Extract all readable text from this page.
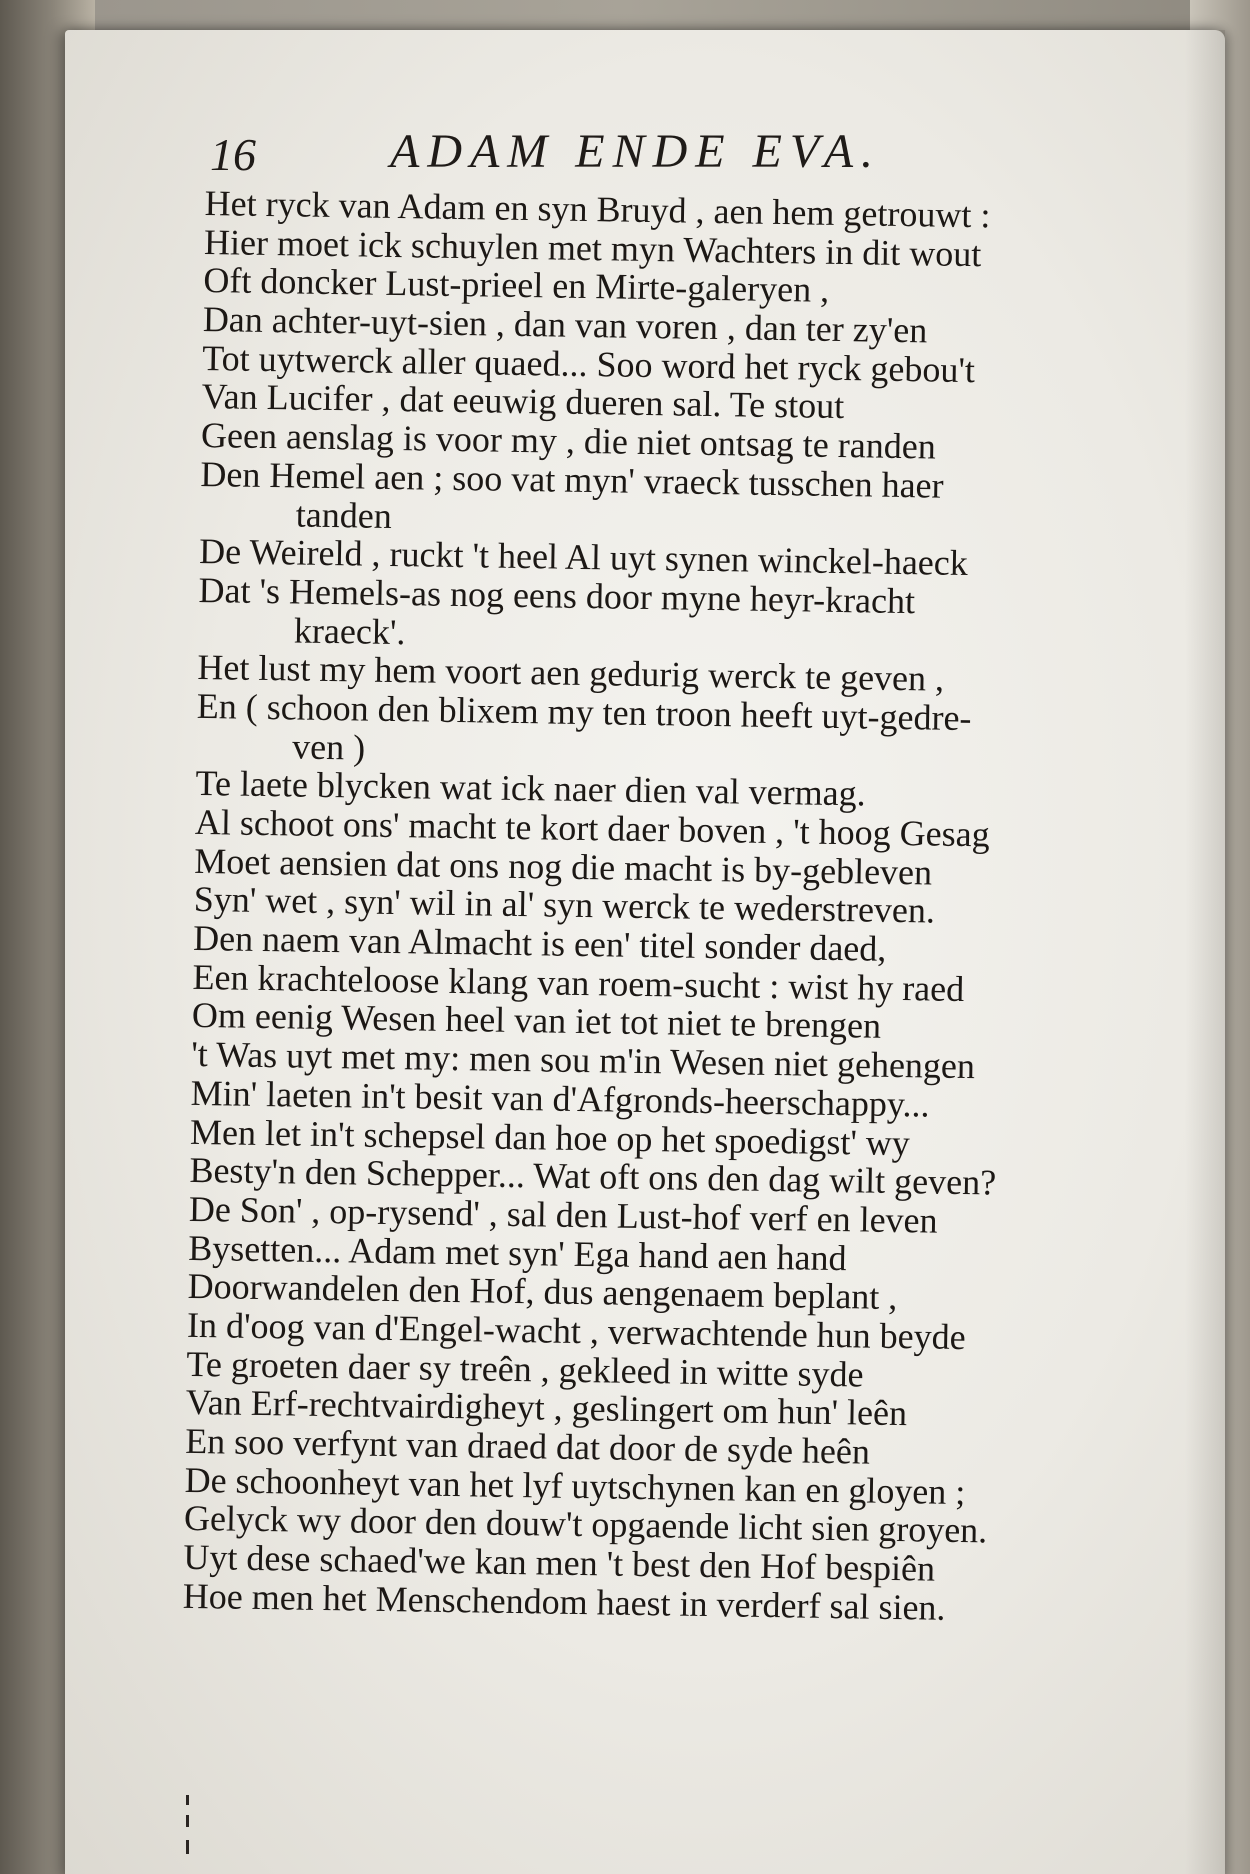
16	ADAM ENDE EVA.
Het ryck van Adam en syn Bruyd , aen hem getrouwt :
Hier moet ick schuylen met myn Wachters in dit wout
Oft doncker Lust-prieel en Mirte-galeryen ,
Dan achter-uyt-sien , dan van voren , dan ter zy'en
Tot uytwerck aller quaed... Soo word het ryck gebou't
Van Lucifer , dat eeuwig dueren sal. Te stout
Geen aenslag is voor my , die niet ontsag te randen
Den Hemel aen ; soo vat myn' vraeck tusschen haer
tanden
De Weireld , ruckt 't heel Al uyt synen winckel-haeck
Dat 's Hemels-as nog eens door myne heyr-kracht
kraeck'.
Het lust my hem voort aen gedurig werck te geven ,
En ( schoon den blixem my ten troon heeft uyt-gedre-
ven )
Te laete blycken wat ick naer dien val vermag.
Al schoot ons' macht te kort daer boven , 't hoog Gesag
Moet aensien dat ons nog die macht is by-gebleven
Syn' wet , syn' wil in al' syn werck te wederstreven.
Den naem van Almacht is een' titel sonder daed,
Een krachteloose klang van roem-sucht : wist hy raed
Om eenig Wesen heel van iet tot niet te brengen
't Was uyt met my: men sou m'in Wesen niet gehengen
Min' laeten in't besit van d'Afgronds-heerschappy...
Men let in't schepsel dan hoe op het spoedigst' wy
Besty'n den Schepper... Wat oft ons den dag wilt geven?
De Son' , op-rysend' , sal den Lust-hof verf en leven
Bysetten... Adam met syn' Ega hand aen hand
Doorwandelen den Hof, dus aengenaem beplant ,
In d'oog van d'Engel-wacht , verwachtende hun beyde
Te groeten daer sy treên , gekleed in witte syde
Van Erf-rechtvairdigheyt , geslingert om hun' leên
En soo verfynt van draed dat door de syde heên
De schoonheyt van het lyf uytschynen kan en gloyen ;
Gelyck wy door den douw't opgaende licht sien groyen.
Uyt dese schaed'we kan men 't best den Hof bespiên
Hoe men het Menschendom haest in verderf sal sien.
